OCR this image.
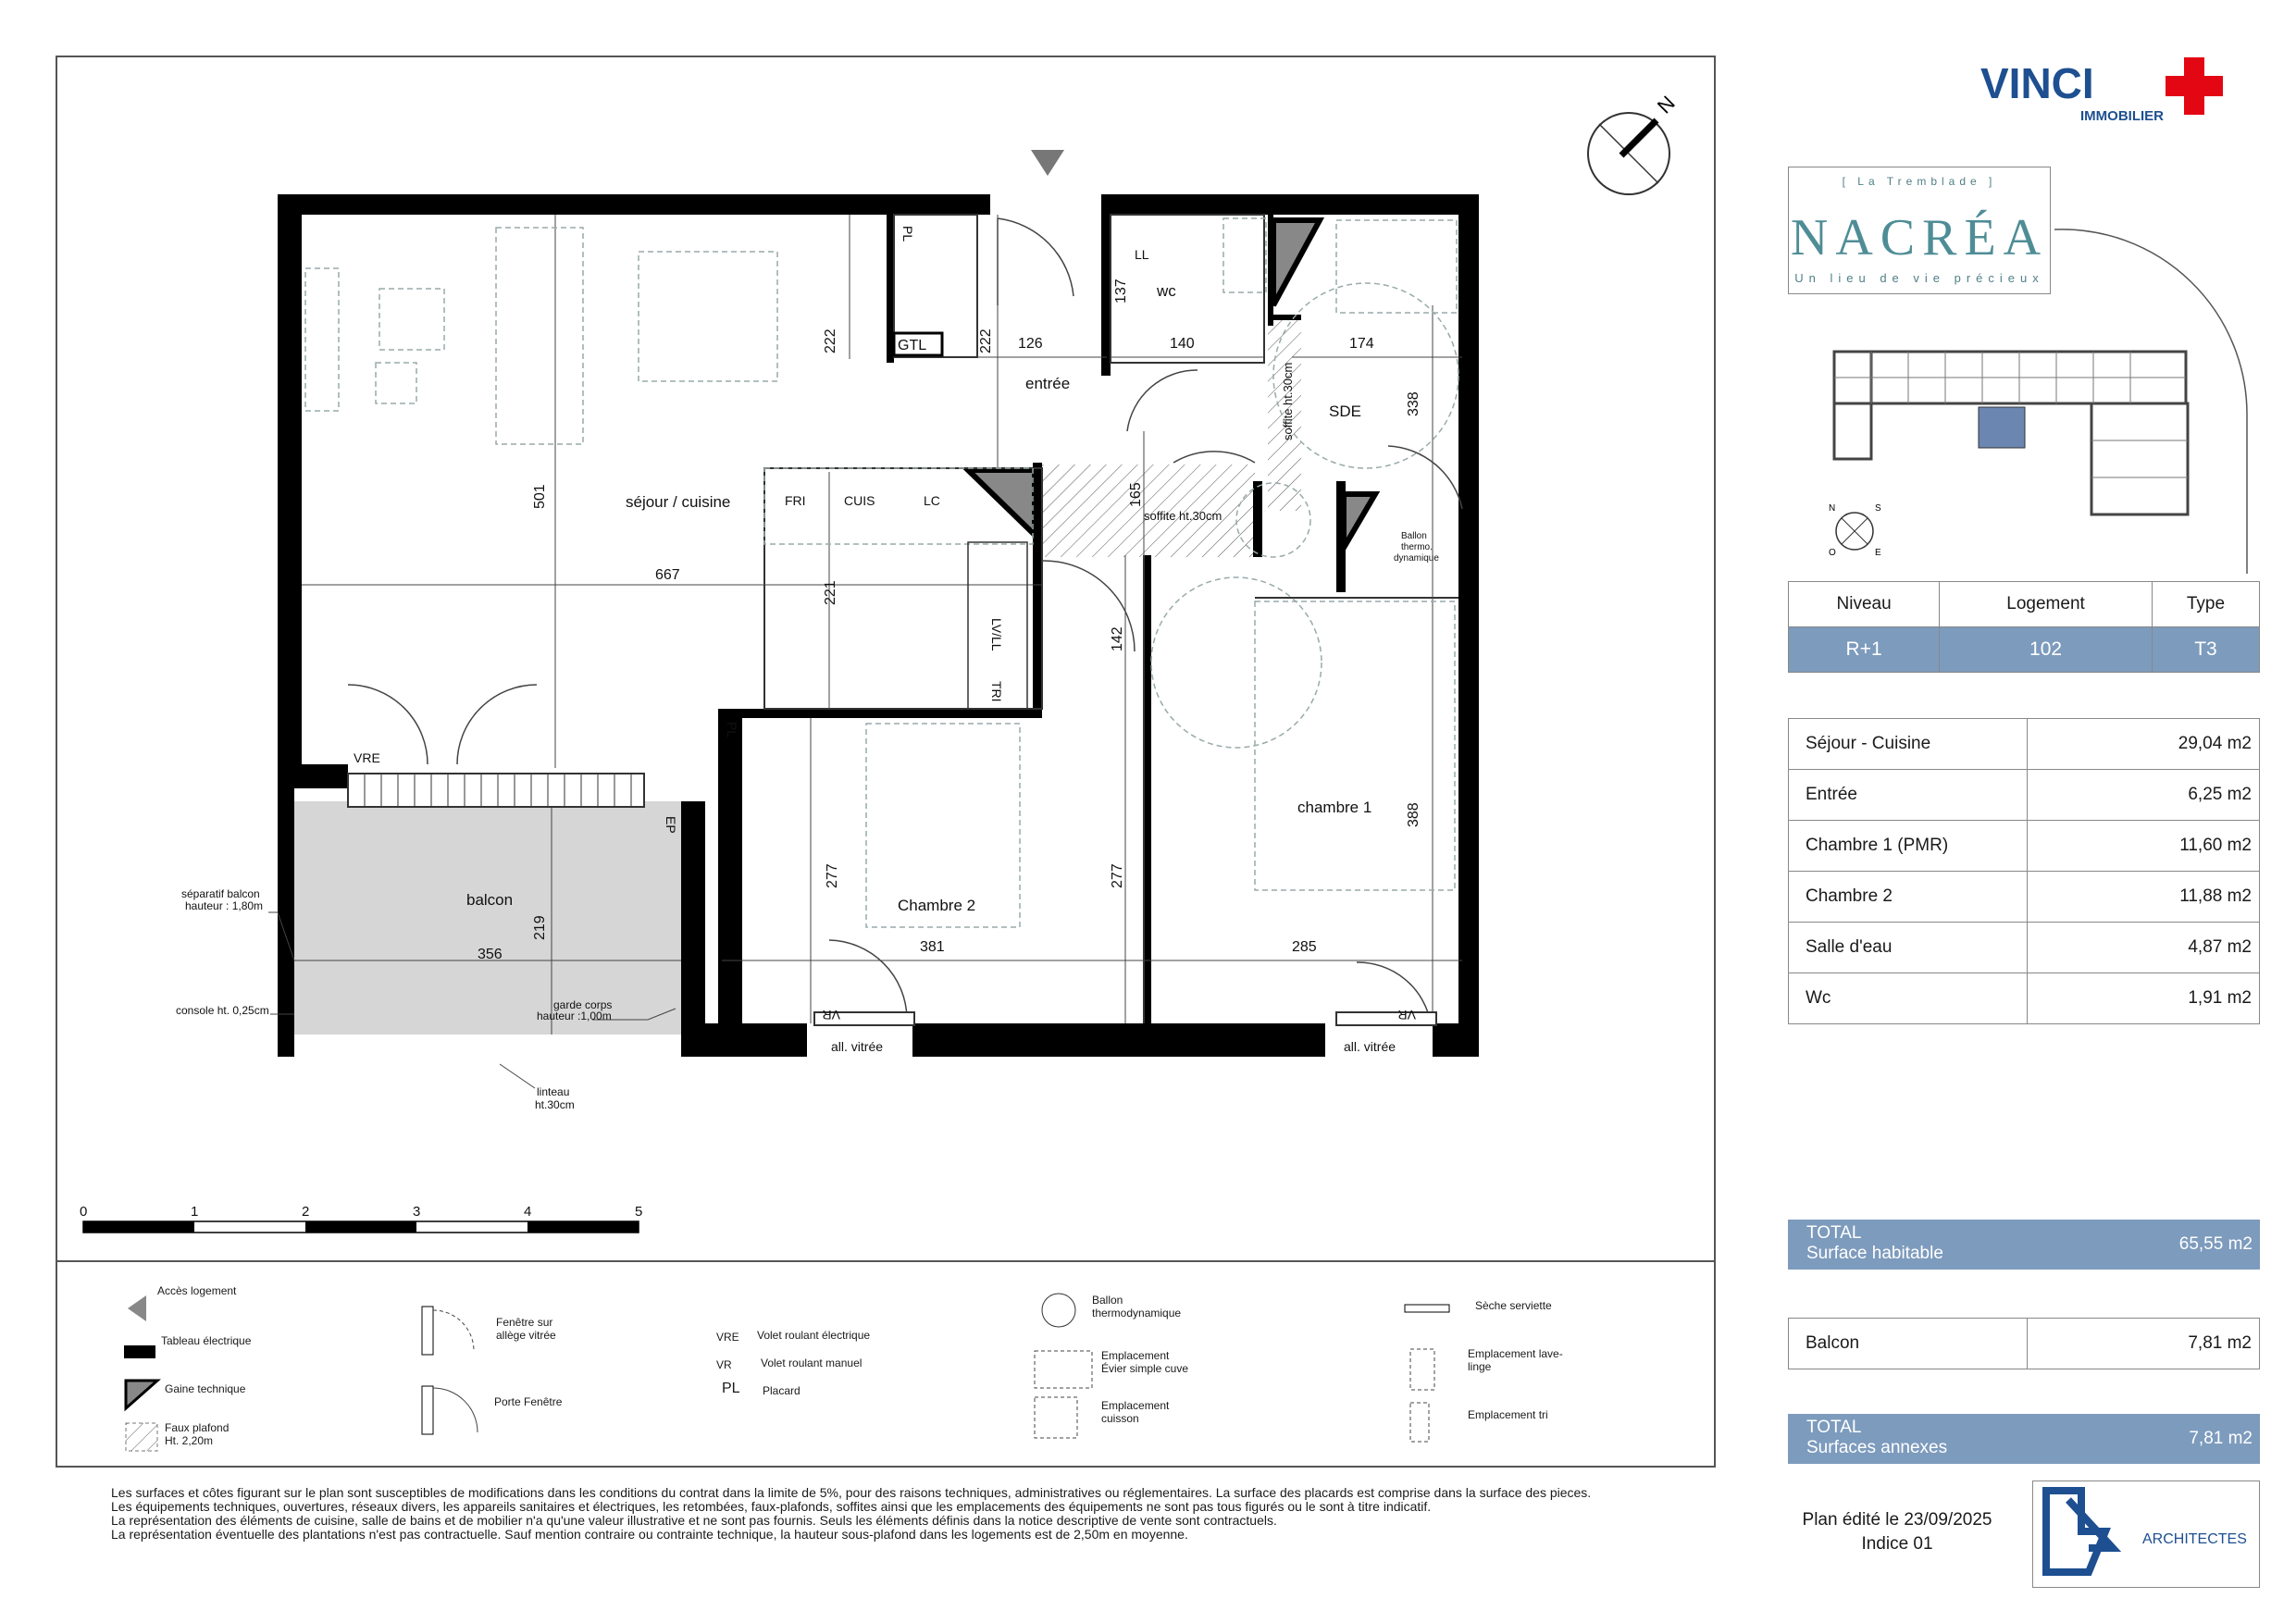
N
séjour / cuisine
entrée
SDE
wc
chambre 1
Chambre 2
balcon
GTL
PL
PL
LL
FRI	CUIS	LC
LV/LL
TRI
VRE
VR	VR
EP
soffite ht.30cm
soffite ht.30cm
Ballon
thermo.
dynamique
all. vitrée	all. vitrée
222	222 126
137
140	174
338
501	165
667
221
142
388
277	277
381	285
219
356
séparatif balcon
hauteur : 1,80m
console ht. 0,25cm	garde corps
hauteur :1,00m
linteau
ht.30cm
0	1	2	3	4	5
Accès logement
Tableau électrique
Gaine technique
Faux plafond
Ht. 2,20m
Fenêtre sur
allège vitrée
Porte Fenêtre
VRE Volet roulant électrique
VR	Volet roulant manuel
PL Placard
Ballon
thermodynamique
Emplacement
Évier simple cuve
Emplacement
cuisson
Sèche serviette
Emplacement lave-
linge
Emplacement tri
VINCI
IMMOBILIER
[ La Tremblade ]
NACRÉA
Un lieu de vie précieux
N
E
S
O
Niveau	Logement	Type
R+1	102	T3
Séjour - Cuisine	29,04 m2
Entrée	6,25 m2
Chambre 1 (PMR)	11,60 m2
Chambre 2	11,88 m2
Salle d'eau	4,87 m2
Wc	1,91 m2
TOTAL
Surface habitable	65,55 m2
Balcon	7,81 m2
TOTAL
Surfaces annexes	7,81 m2
Les surfaces et côtes figurant sur le plan sont susceptibles de modifications dans les conditions du contrat dans la limite de 5%, pour des raisons techniques, administratives ou réglementaires. La surface des placards est comprise dans la surface des pieces.
Les équipements techniques, ouvertures, réseaux divers, les appareils sanitaires et électriques, les retombées, faux-plafonds, soffites ainsi que les emplacements des équipements ne sont pas tous figurés ou le sont à titre indicatif.
La représentation des éléments de cuisine, salle de bains et de mobilier n'a qu'une valeur illustrative et ne sont pas fournis. Seuls les éléments définis dans la notice descriptive de vente sont contractuels.
La représentation éventuelle des plantations n'est pas contractuelle. Sauf mention contraire ou contrainte technique, la hauteur sous-plafond dans les logements est de 2,50m en moyenne.
Plan édité le 23/09/2025
Indice 01	ARCHITECTES
